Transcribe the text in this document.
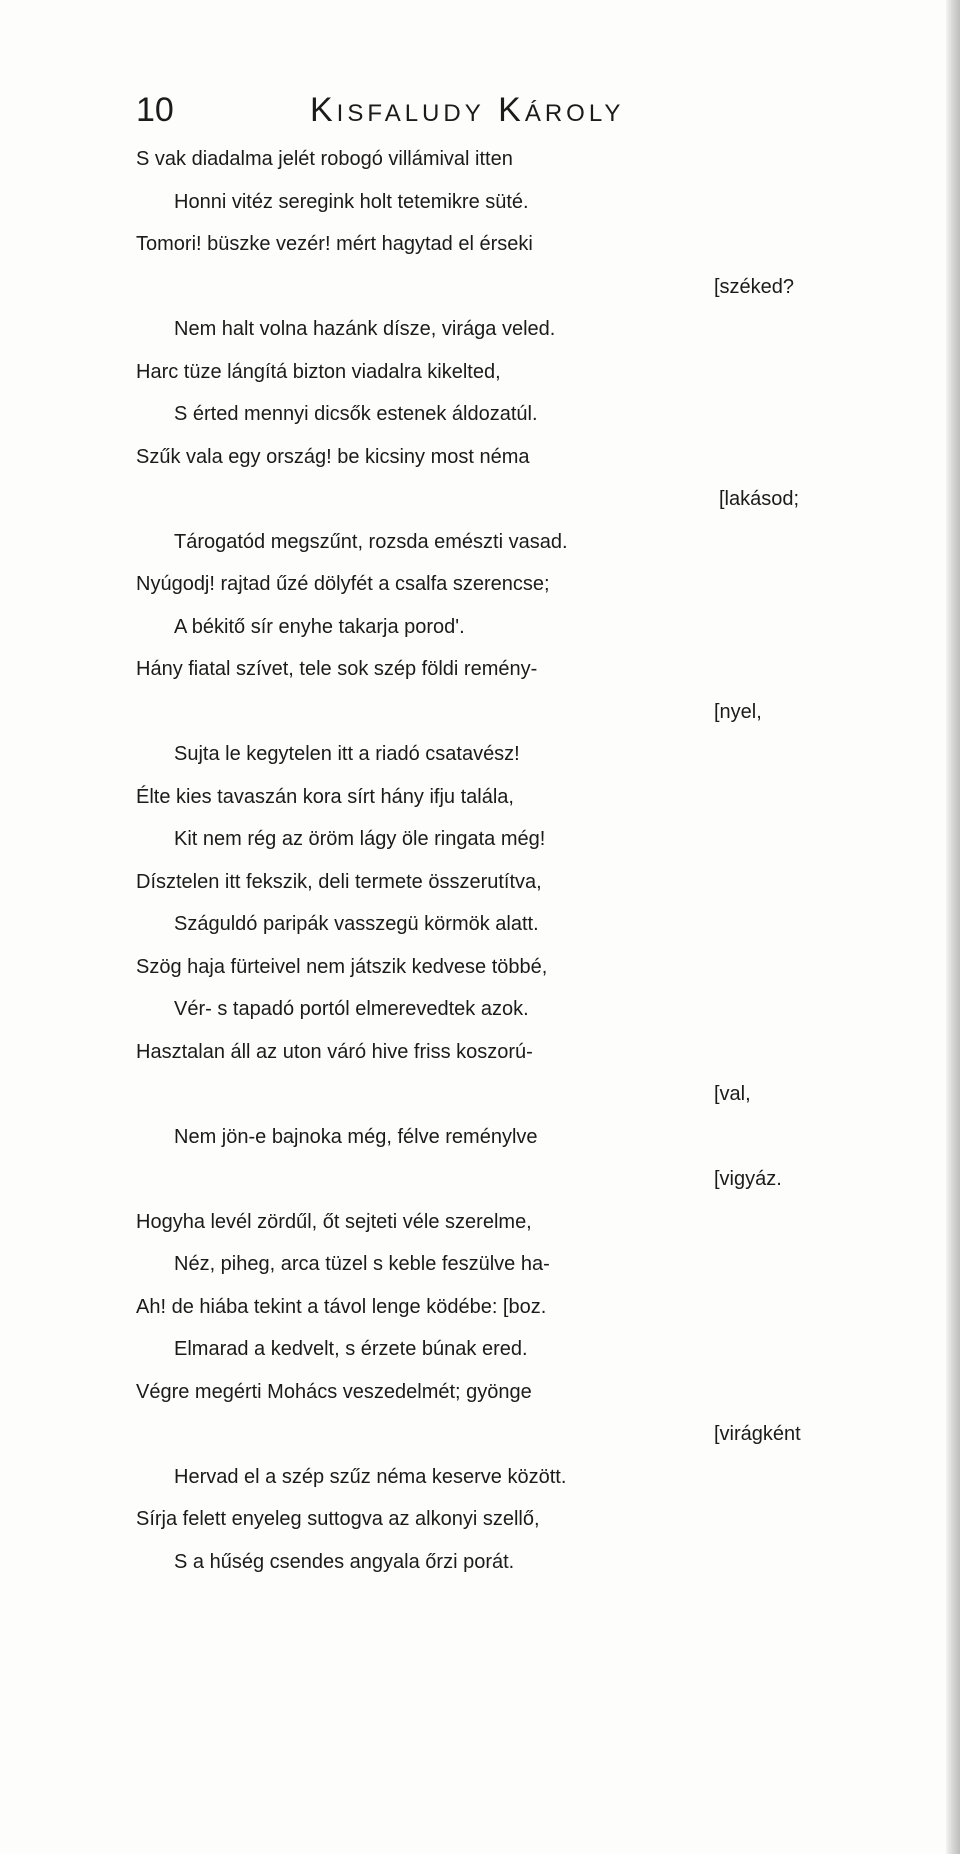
10	Kisfaludy Károly
S vak diadalma jelét robogó villámival itten
Honni vitéz seregink holt tetemikre süté.
Tomori! büszke vezér! mért hagytad el érseki
[széked?
Nem halt volna hazánk dísze, virága veled.
Harc tüze lángítá bizton viadalra kikelted,
S érted mennyi dicsők estenek áldozatúl.
Szűk vala egy ország! be kicsiny most néma
[lakásod;
Tárogatód megszűnt, rozsda emészti vasad.
Nyúgodj! rajtad űzé dölyfét a csalfa szerencse;
A békitő sír enyhe takarja porod'.
Hány fiatal szívet, tele sok szép földi remény-
[nyel,
Sujta le kegytelen itt a riadó csatavész!
Élte kies tavaszán kora sírt hány ifju talála,
Kit nem rég az öröm lágy öle ringata még!
Dísztelen itt fekszik, deli termete összerutítva,
Száguldó paripák vasszegü körmök alatt.
Szög haja fürteivel nem játszik kedvese többé,
Vér- s tapadó portól elmerevedtek azok.
Hasztalan áll az uton váró hive friss koszorú-
[val,
Nem jön-e bajnoka még, félve reménylve
[vigyáz.
Hogyha levél zördűl, őt sejteti véle szerelme,
Néz, piheg, arca tüzel s keble feszülve ha-
Ah! de hiába tekint a távol lenge ködébe: [boz.
Elmarad a kedvelt, s érzete búnak ered.
Végre megérti Mohács veszedelmét; gyönge
[virágként
Hervad el a szép szűz néma keserve között.
Sírja felett enyeleg suttogva az alkonyi szellő,
S a hűség csendes angyala őrzi porát.
